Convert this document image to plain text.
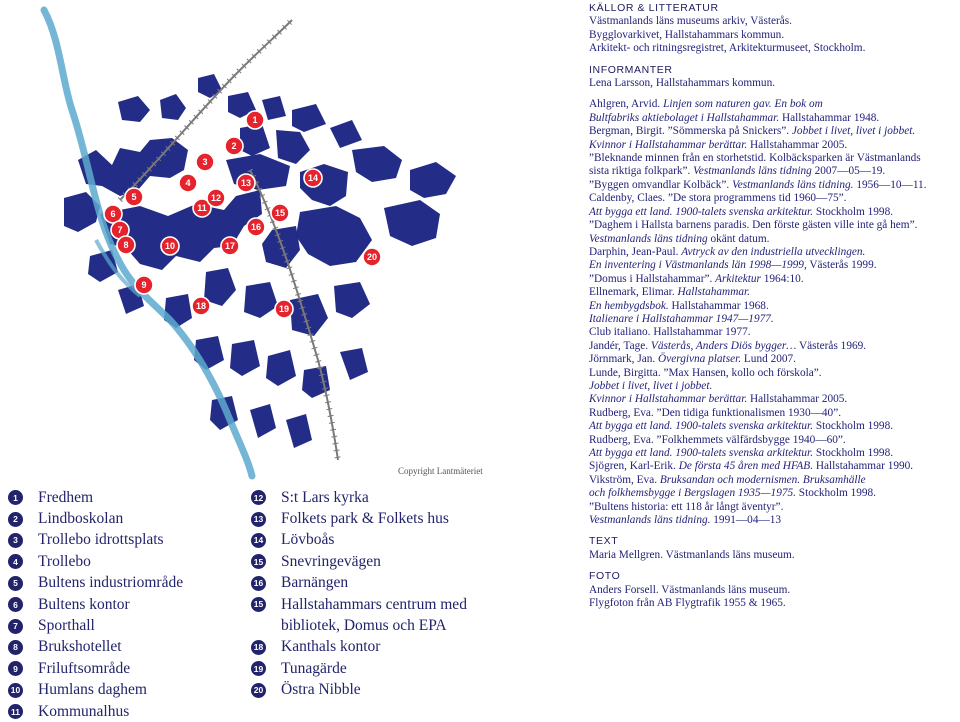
1
2
3
4
5
6
7
8
9
10
11
12
13	14
15
16
17
18	19
20
Copyright Lantmäteriet
1	Fredhem
2	Lindboskolan
3	Trollebo idrottsplats
4	Trollebo
5	Bultens industriområde
6	Bultens kontor
7	Sporthall
8	Brukshotellet
9	Friluftsområde
10 Humlans daghem
11 Kommunalhus
12 S:t Lars kyrka
13 Folkets park & Folkets hus
14 Lövboås
15 Snevringevägen
16 Barnängen
15 Hallstahammars centrum med bibliotek, Domus och EPA
18 Kanthals kontor
19 Tunagärde
20 Östra Nibble

KÄLLOR & LITTERATUR

Västmanlands läns museums arkiv, Västerås.

Bygglovarkivet, Hallstahammars kommun.

Arkitekt- och ritningsregistret, Arkitekturmuseet, Stockholm.

INFORMANTER

Lena Larsson, Hallstahammars kommun.

Ahlgren, Arvid. Linjen som naturen gav. En bok om

Bultfabriks aktiebolaget i Hallstahammar. Hallstahammar 1948.

Bergman, Birgit. ”Sömmerska på Snickers”. Jobbet i livet, livet i jobbet.

Kvinnor i Hallstahammar berättar. Hallstahammar 2005.

”Bleknande minnen från en storhetstid. Kolbäcksparken är Västmanlands

sista riktiga folkpark”. Vestmanlands läns tidning 2007—05—19.

”Byggen omvandlar Kolbäck”. Vestmanlands läns tidning. 1956—10—11.

Caldenby, Claes. ”De stora programmens tid 1960—75”.

Att bygga ett land. 1900-talets svenska arkitektur. Stockholm 1998.

”Daghem i Hallsta barnens paradis. Den förste gästen ville inte gå hem”.

Vestmanlands läns tidning okänt datum.

Darphin, Jean-Paul. Avtryck av den industriella utvecklingen.

En inventering i Västmanlands län 1998—1999, Västerås 1999.

”Domus i Hallstahammar”. Arkitektur 1964:10.

Ellnemark, Elimar. Hallstahammar.

En hembygdsbok. Hallstahammar 1968.

Italienare i Hallstahammar 1947—1977.

Club italiano. Hallstahammar 1977.

Jandér, Tage. Västerås, Anders Diös bygger… Västerås 1969.

Jörnmark, Jan. Övergivna platser. Lund 2007.

Lunde, Birgitta. ”Max Hansen, kollo och förskola”.

Jobbet i livet, livet i jobbet.

Kvinnor i Hallstahammar berättar. Hallstahammar 2005.

Rudberg, Eva. ”Den tidiga funktionalismen 1930—40”.

Att bygga ett land. 1900-talets svenska arkitektur. Stockholm 1998.

Rudberg, Eva. ”Folkhemmets välfärdsbygge 1940—60”.

Att bygga ett land. 1900-talets svenska arkitektur. Stockholm 1998.

Sjögren, Karl-Erik. De första 45 åren med HFAB. Hallstahammar 1990.

Vikström, Eva. Bruksandan och modernismen. Bruksamhälle

och folkhemsbygge i Bergslagen 1935—1975. Stockholm 1998.

”Bultens historia: ett 118 år långt äventyr”.

Vestmanlands läns tidning. 1991—04—13

TEXT

Maria Mellgren. Västmanlands läns museum.

FOTO

Anders Forsell. Västmanlands läns museum.

Flygfoton från AB Flygtrafik 1955 & 1965.
